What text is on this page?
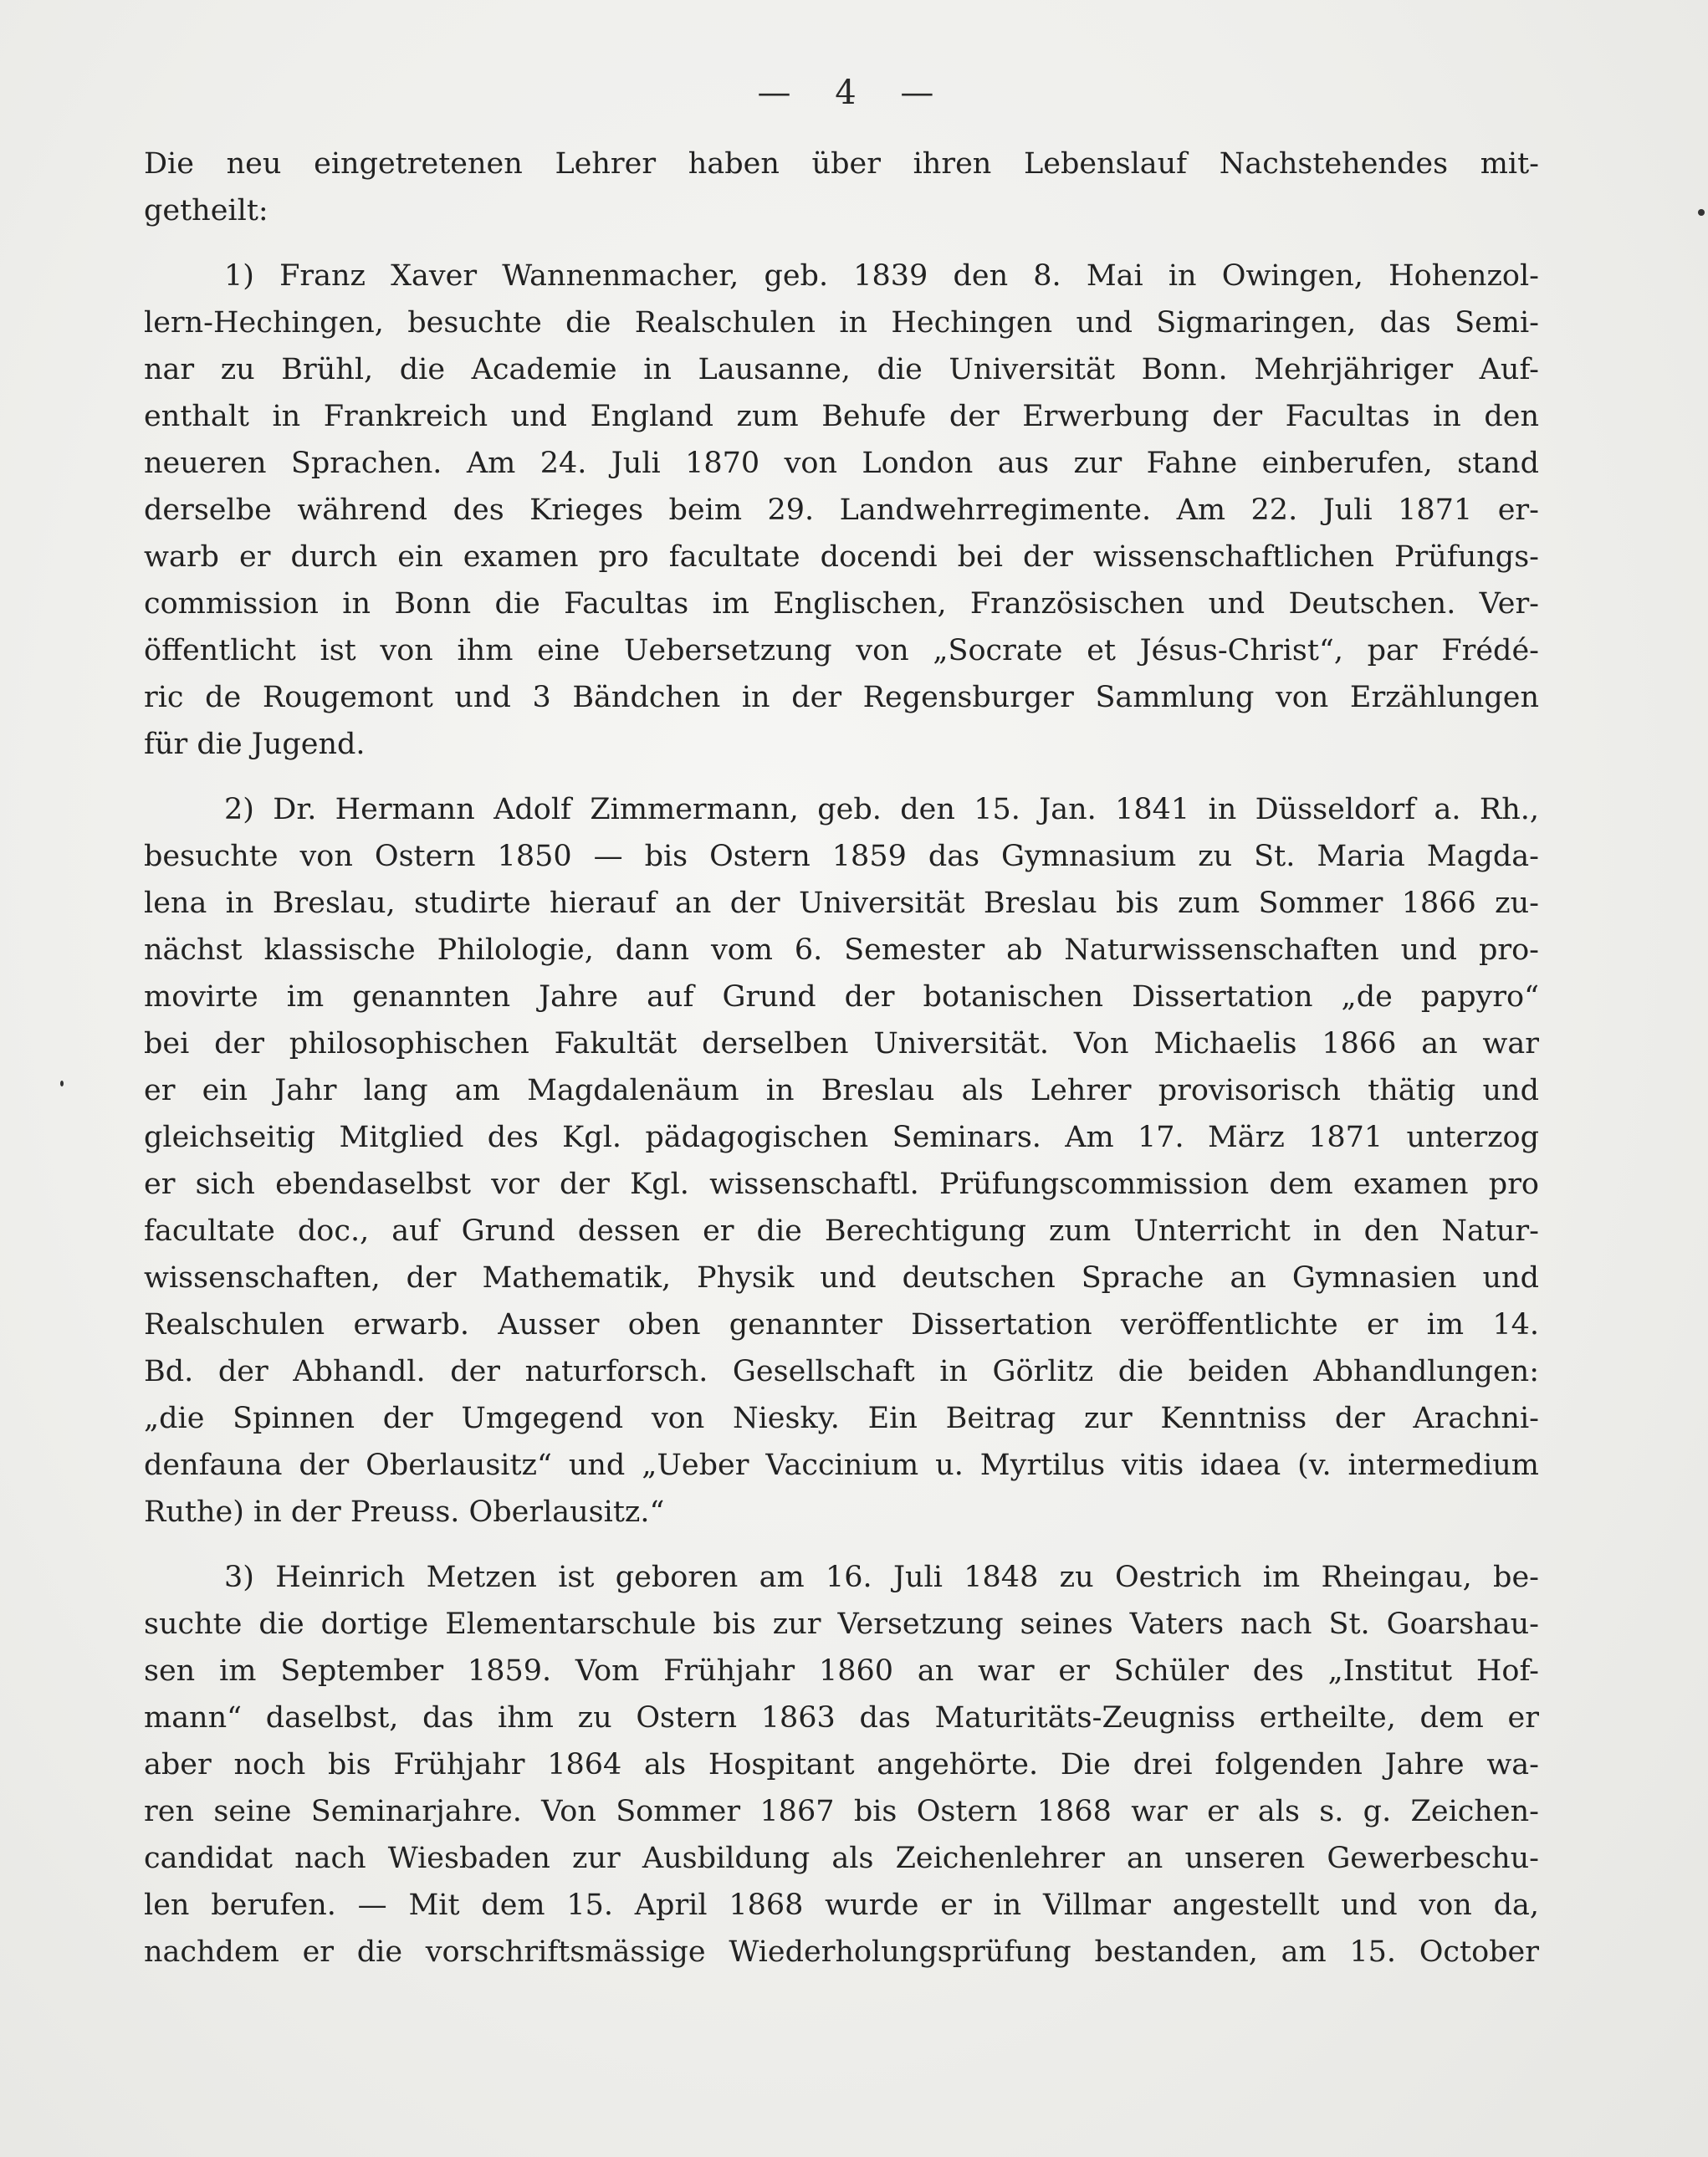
— 4 —
Die neu eingetretenen Lehrer haben über ihren Lebenslauf Nachstehendes mit-
getheilt:
1) Franz Xaver Wannenmacher, geb. 1839 den 8. Mai in Owingen, Hohenzol-
lern-Hechingen, besuchte die Realschulen in Hechingen und Sigmaringen, das Semi-
nar zu Brühl, die Academie in Lausanne, die Universität Bonn. Mehrjähriger Auf-
enthalt in Frankreich und England zum Behufe der Erwerbung der Facultas in den
neueren Sprachen. Am 24. Juli 1870 von London aus zur Fahne einberufen, stand
derselbe während des Krieges beim 29. Landwehrregimente. Am 22. Juli 1871 er-
warb er durch ein examen pro facultate docendi bei der wissenschaftlichen Prüfungs-
commission in Bonn die Facultas im Englischen, Französischen und Deutschen. Ver-
öffentlicht ist von ihm eine Uebersetzung von „Socrate et Jésus-Christ“, par Frédé-
ric de Rougemont und 3 Bändchen in der Regensburger Sammlung von Erzählungen
für die Jugend.
2) Dr. Hermann Adolf Zimmermann, geb. den 15. Jan. 1841 in Düsseldorf a. Rh.,
besuchte von Ostern 1850 — bis Ostern 1859 das Gymnasium zu St. Maria Magda-
lena in Breslau, studirte hierauf an der Universität Breslau bis zum Sommer 1866 zu-
nächst klassische Philologie, dann vom 6. Semester ab Naturwissenschaften und pro-
movirte im genannten Jahre auf Grund der botanischen Dissertation „de papyro“
bei der philosophischen Fakultät derselben Universität. Von Michaelis 1866 an war
er ein Jahr lang am Magdalenäum in Breslau als Lehrer provisorisch thätig und
gleichseitig Mitglied des Kgl. pädagogischen Seminars. Am 17. März 1871 unterzog
er sich ebendaselbst vor der Kgl. wissenschaftl. Prüfungscommission dem examen pro
facultate doc., auf Grund dessen er die Berechtigung zum Unterricht in den Natur-
wissenschaften, der Mathematik, Physik und deutschen Sprache an Gymnasien und
Realschulen erwarb. Ausser oben genannter Dissertation veröffentlichte er im 14.
Bd. der Abhandl. der naturforsch. Gesellschaft in Görlitz die beiden Abhandlungen:
„die Spinnen der Umgegend von Niesky. Ein Beitrag zur Kenntniss der Arachni-
denfauna der Oberlausitz“ und „Ueber Vaccinium u. Myrtilus vitis idaea (v. intermedium
Ruthe) in der Preuss. Oberlausitz.“
3) Heinrich Metzen ist geboren am 16. Juli 1848 zu Oestrich im Rheingau, be-
suchte die dortige Elementarschule bis zur Versetzung seines Vaters nach St. Goarshau-
sen im September 1859. Vom Frühjahr 1860 an war er Schüler des „Institut Hof-
mann“ daselbst, das ihm zu Ostern 1863 das Maturitäts-Zeugniss ertheilte, dem er
aber noch bis Frühjahr 1864 als Hospitant angehörte. Die drei folgenden Jahre wa-
ren seine Seminarjahre. Von Sommer 1867 bis Ostern 1868 war er als s. g. Zeichen-
candidat nach Wiesbaden zur Ausbildung als Zeichenlehrer an unseren Gewerbeschu-
len berufen. — Mit dem 15. April 1868 wurde er in Villmar angestellt und von da,
nachdem er die vorschriftsmässige Wiederholungsprüfung bestanden, am 15. October
